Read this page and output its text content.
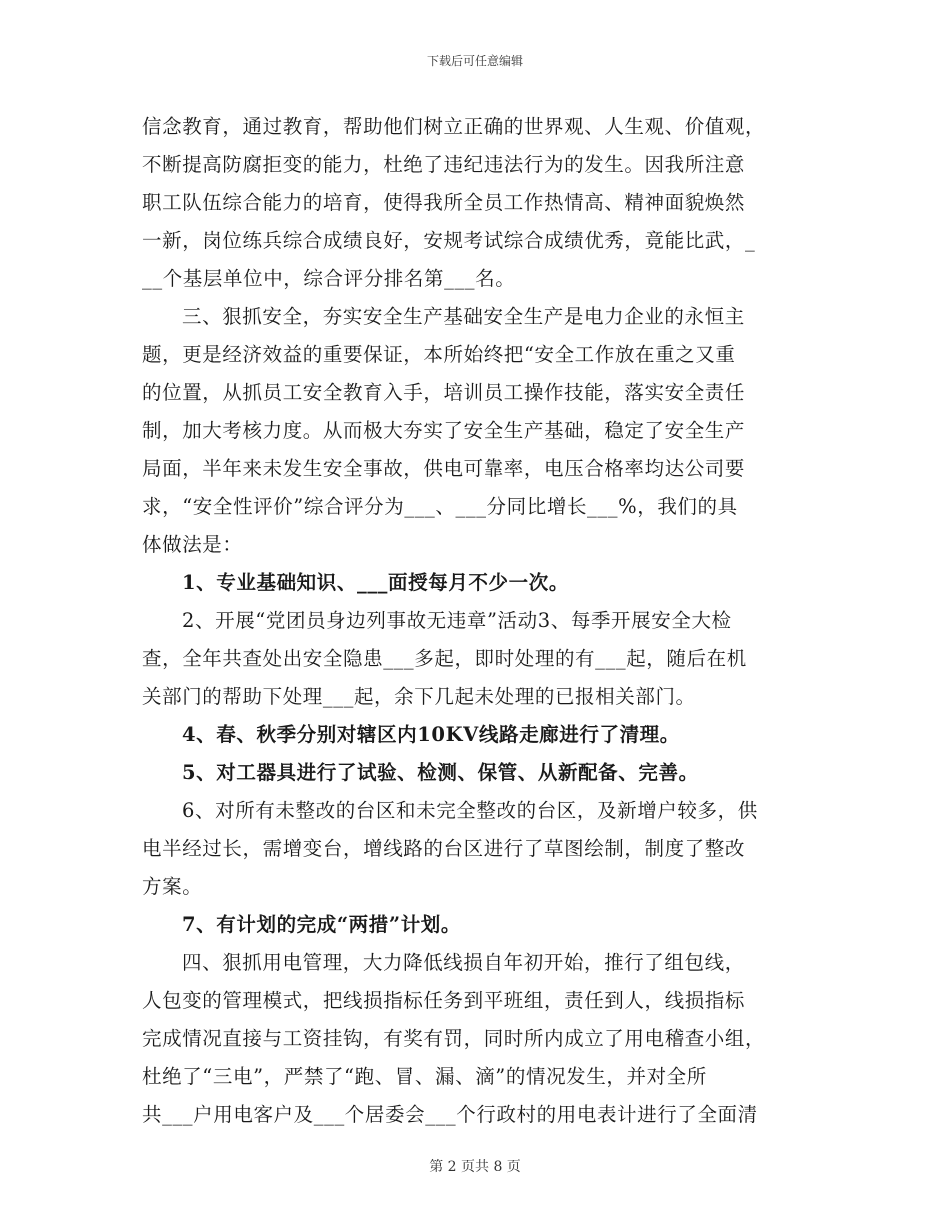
下载后可任意编辑
信念教育，通过教育，帮助他们树立正确的世界观、人生观、价值观，
不断提高防腐拒变的能力，杜绝了违纪违法行为的发生。因我所注意
职工队伍综合能力的培育，使得我所全员工作热情高、精神面貌焕然
一新，岗位练兵综合成绩良好，安规考试综合成绩优秀，竟能比武，_
__个基层单位中，综合评分排名第___名。
三、狠抓安全，夯实安全生产基础安全生产是电力企业的永恒主
题，更是经济效益的重要保证，本所始终把“安全工作放在重之又重
的位置，从抓员工安全教育入手，培训员工操作技能，落实安全责任
制，加大考核力度。从而极大夯实了安全生产基础，稳定了安全生产
局面，半年来未发生安全事故，供电可靠率，电压合格率均达公司要
求，“安全性评价”综合评分为___、___分同比增长___%，我们的具
体做法是：
1、专业基础知识、___面授每月不少一次。
2、开展“党团员身边列事故无违章”活动3、每季开展安全大检
查，全年共查处出安全隐患___多起，即时处理的有___起，随后在机
关部门的帮助下处理___起，余下几起未处理的已报相关部门。
4、春、秋季分别对辖区内10KV线路走廊进行了清理。
5、对工器具进行了试验、检测、保管、从新配备、完善。
6、对所有未整改的台区和未完全整改的台区，及新增户较多，供
电半经过长，需增变台，增线路的台区进行了草图绘制，制度了整改
方案。
7、有计划的完成“两措”计划。
四、狠抓用电管理，大力降低线损自年初开始，推行了组包线，
人包变的管理模式，把线损指标任务到平班组，责任到人，线损指标
完成情况直接与工资挂钩，有奖有罚，同时所内成立了用电稽查小组，
杜绝了“三电”，严禁了“跑、冒、漏、滴”的情况发生，并对全所
共___户用电客户及___个居委会___个行政村的用电表计进行了全面清
第 2 页共 8 页
